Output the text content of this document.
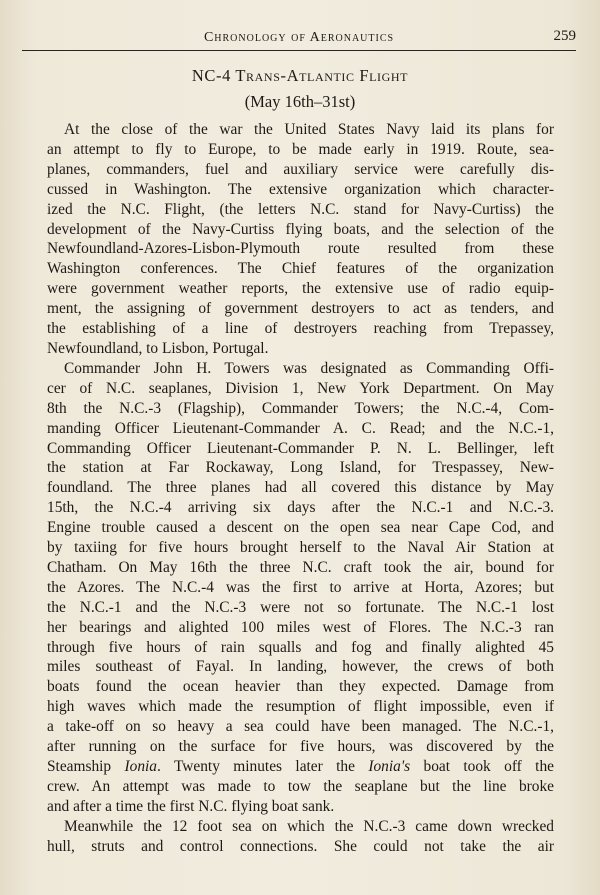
Chronology of Aeronautics	259
NC-4 Trans-Atlantic Flight
(May 16th–31st)

At the close of the war the United States Navy laid its plans for
an attempt to fly to Europe, to be made early in 1919. Route, sea-
planes, commanders, fuel and auxiliary service were carefully dis-
cussed in Washington. The extensive organization which character-
ized the N.C. Flight, (the letters N.C. stand for Navy-Curtiss) the
development of the Navy-Curtiss flying boats, and the selection of the
Newfoundland-Azores-Lisbon-Plymouth route resulted from these
Washington conferences. The Chief features of the organization
were government weather reports, the extensive use of radio equip-
ment, the assigning of government destroyers to act as tenders, and
the establishing of a line of destroyers reaching from Trepassey,
Newfoundland, to Lisbon, Portugal.

Commander John H. Towers was designated as Commanding Offi-
cer of N.C. seaplanes, Division 1, New York Department. On May
8th the N.C.-3 (Flagship), Commander Towers; the N.C.-4, Com-
manding Officer Lieutenant-Commander A. C. Read; and the N.C.-1,
Commanding Officer Lieutenant-Commander P. N. L. Bellinger, left
the station at Far Rockaway, Long Island, for Trespassey, New-
foundland. The three planes had all covered this distance by May
15th, the N.C.-4 arriving six days after the N.C.-1 and N.C.-3.
Engine trouble caused a descent on the open sea near Cape Cod, and
by taxiing for five hours brought herself to the Naval Air Station at
Chatham. On May 16th the three N.C. craft took the air, bound for
the Azores. The N.C.-4 was the first to arrive at Horta, Azores; but
the N.C.-1 and the N.C.-3 were not so fortunate. The N.C.-1 lost
her bearings and alighted 100 miles west of Flores. The N.C.-3 ran
through five hours of rain squalls and fog and finally alighted 45
miles southeast of Fayal. In landing, however, the crews of both
boats found the ocean heavier than they expected. Damage from
high waves which made the resumption of flight impossible, even if
a take-off on so heavy a sea could have been managed. The N.C.-1,
after running on the surface for five hours, was discovered by the
Steamship Ionia. Twenty minutes later the Ionia's boat took off the
crew. An attempt was made to tow the seaplane but the line broke
and after a time the first N.C. flying boat sank.

Meanwhile the 12 foot sea on which the N.C.-3 came down wrecked
hull, struts and control connections. She could not take the air
